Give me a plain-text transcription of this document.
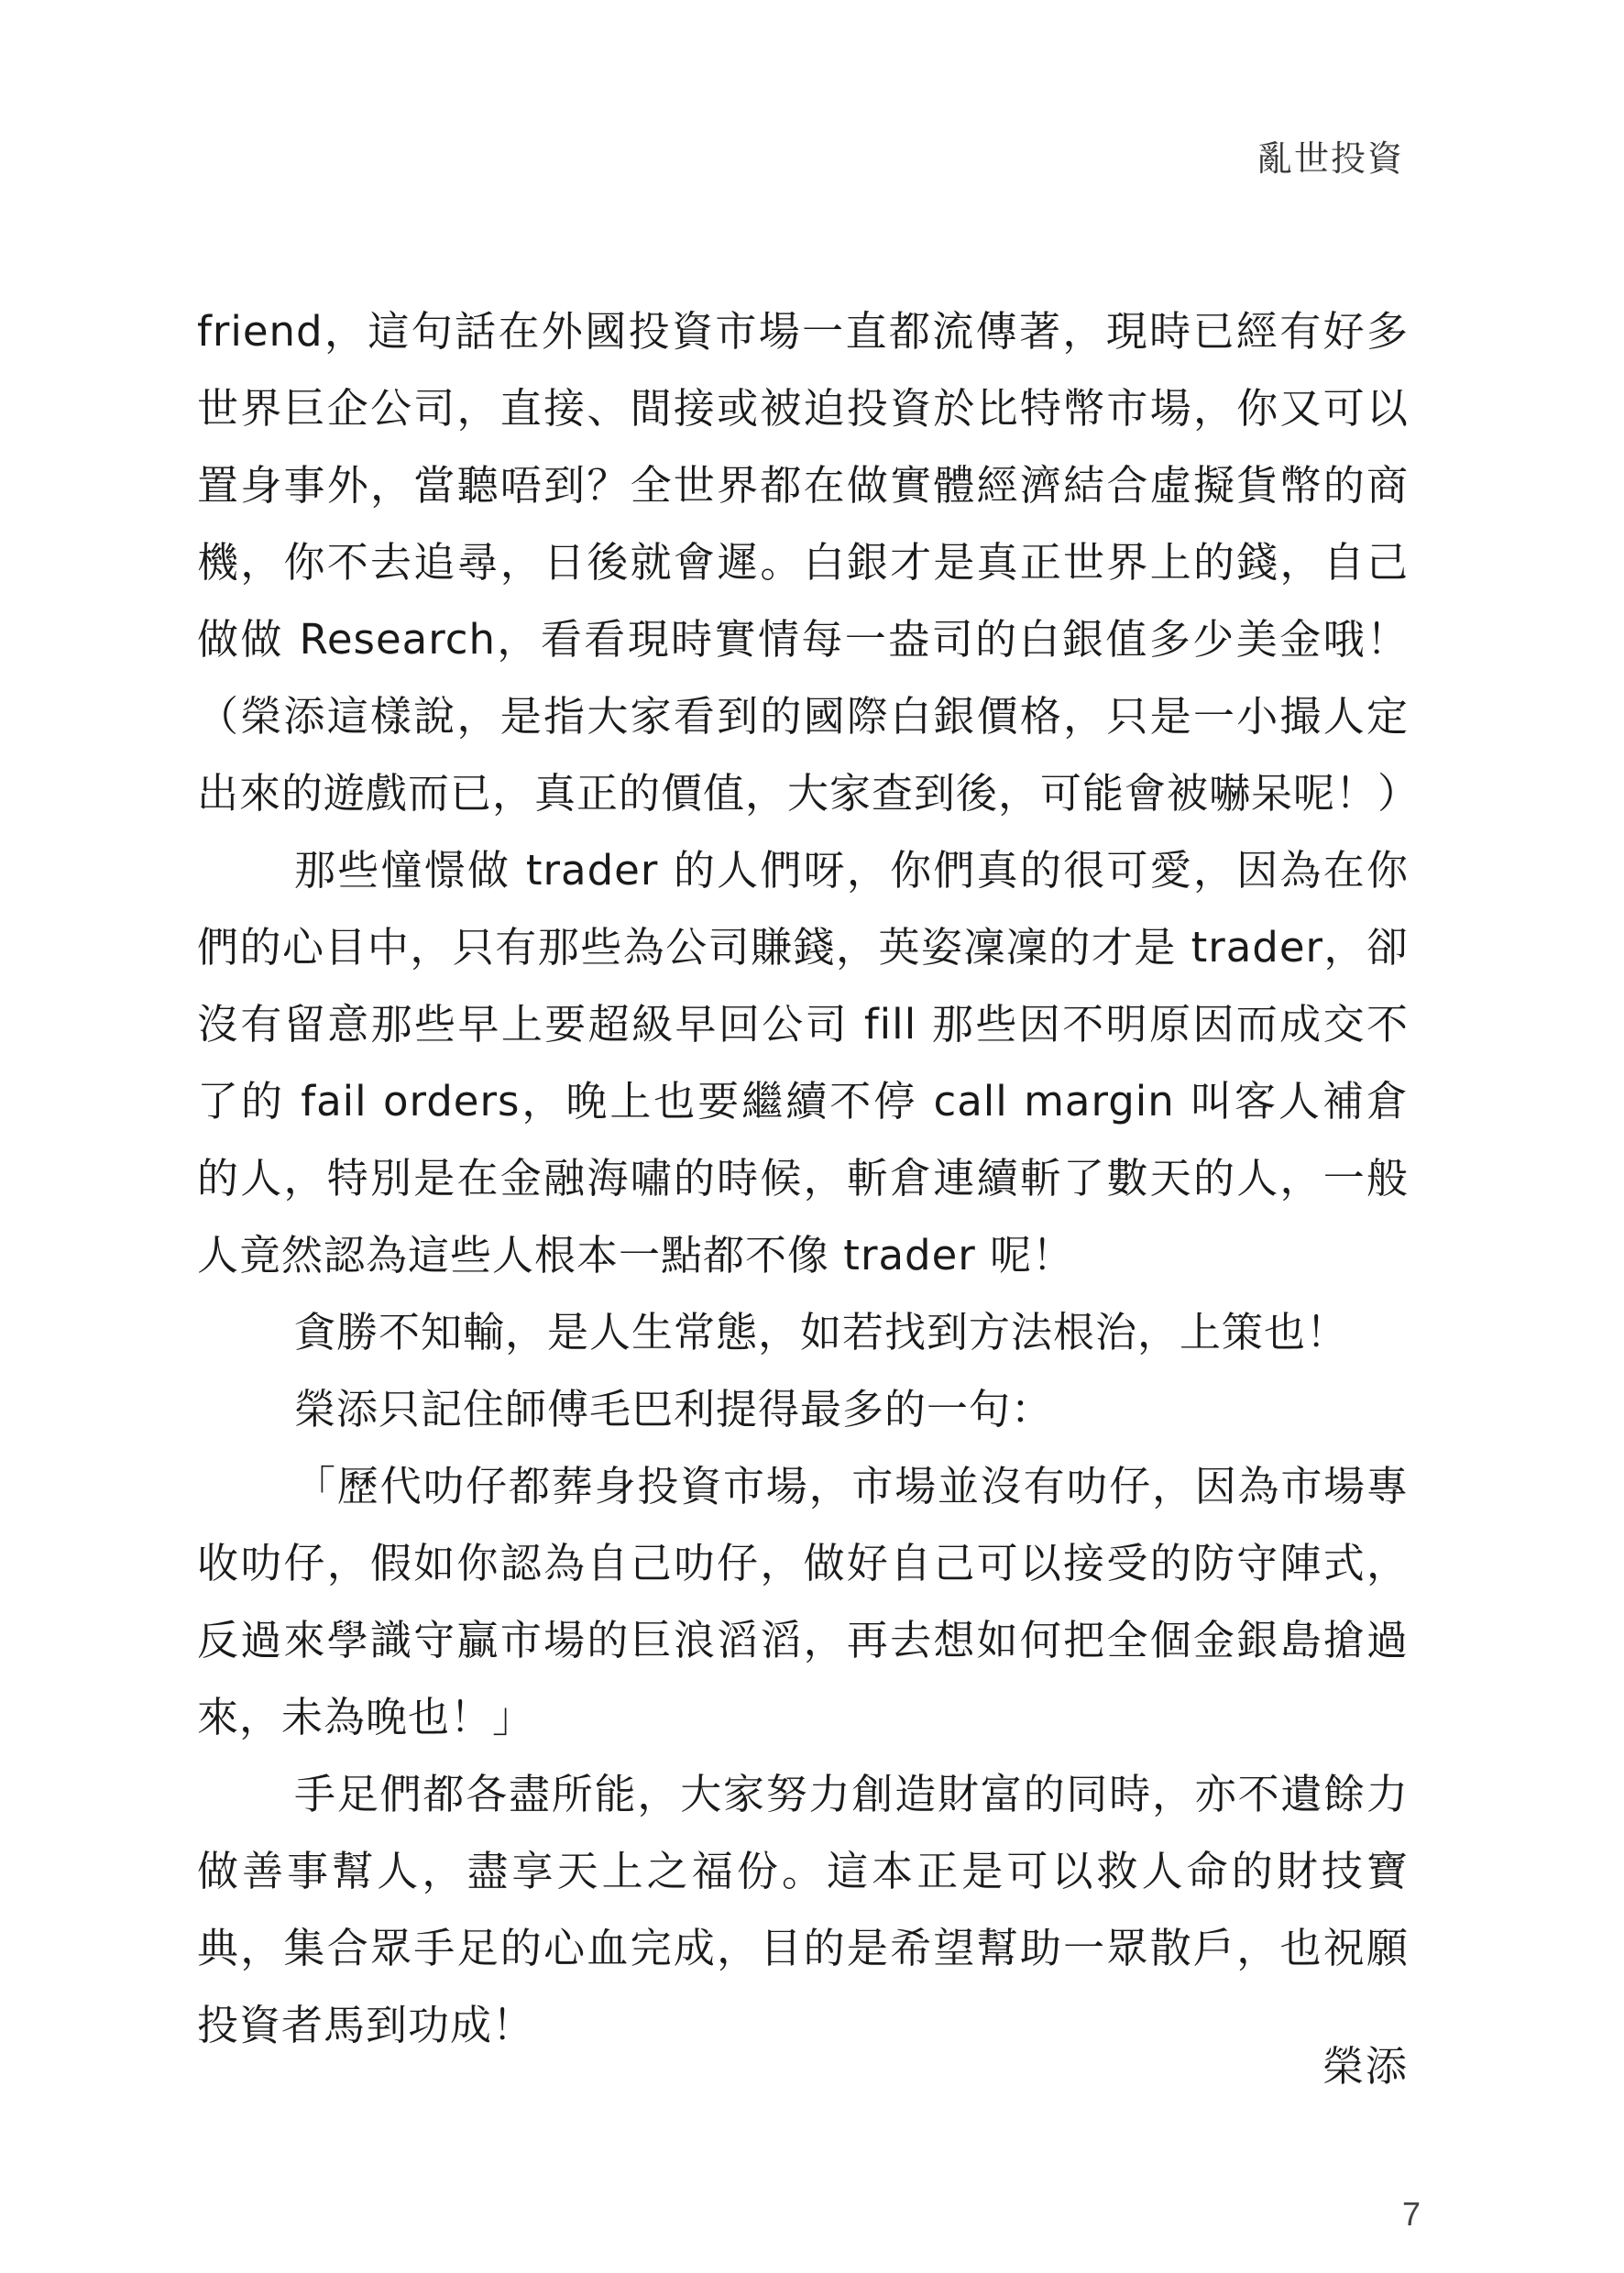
亂世投資

friend，這句話在外國投資市場一直都流傳著，現時已經有好多世界巨企公司，直接、間接或被迫投資於比特幣市場，你又可以置身事外，當聽唔到？全世界都在做實體經濟結合虛擬貨幣的商機，你不去追尋，日後就會遲。白銀才是真正世界上的錢，自己做做 Research，看看現時實情每一盎司的白銀值多少美金哦！（榮添這樣說，是指大家看到的國際白銀價格，只是一小撮人定出來的遊戲而已，真正的價值，大家查到後，可能會被嚇呆呢！）

那些憧憬做 trader 的人們呀，你們真的很可愛，因為在你們的心目中，只有那些為公司賺錢，英姿凜凜的才是 trader，卻沒有留意那些早上要超級早回公司 fill 那些因不明原因而成交不了的 fail orders，晚上也要繼續不停 call margin 叫客人補倉的人，特別是在金融海嘯的時候，斬倉連續斬了數天的人，一般人竟然認為這些人根本一點都不像 trader 呢！

貪勝不知輸，是人生常態，如若找到方法根治，上策也！

榮添只記住師傅毛巴利提得最多的一句：

「歷代叻仔都葬身投資市場，市場並沒有叻仔，因為市場專收叻仔，假如你認為自己叻仔，做好自己可以接受的防守陣式，反過來學識守贏市場的巨浪滔滔，再去想如何把全個金銀島搶過來，未為晚也！」

手足們都各盡所能，大家努力創造財富的同時，亦不遺餘力做善事幫人，盡享天上之福份。這本正是可以救人命的財技寶典，集合眾手足的心血完成，目的是希望幫助一眾散戶，也祝願投資者馬到功成！

榮添
7
